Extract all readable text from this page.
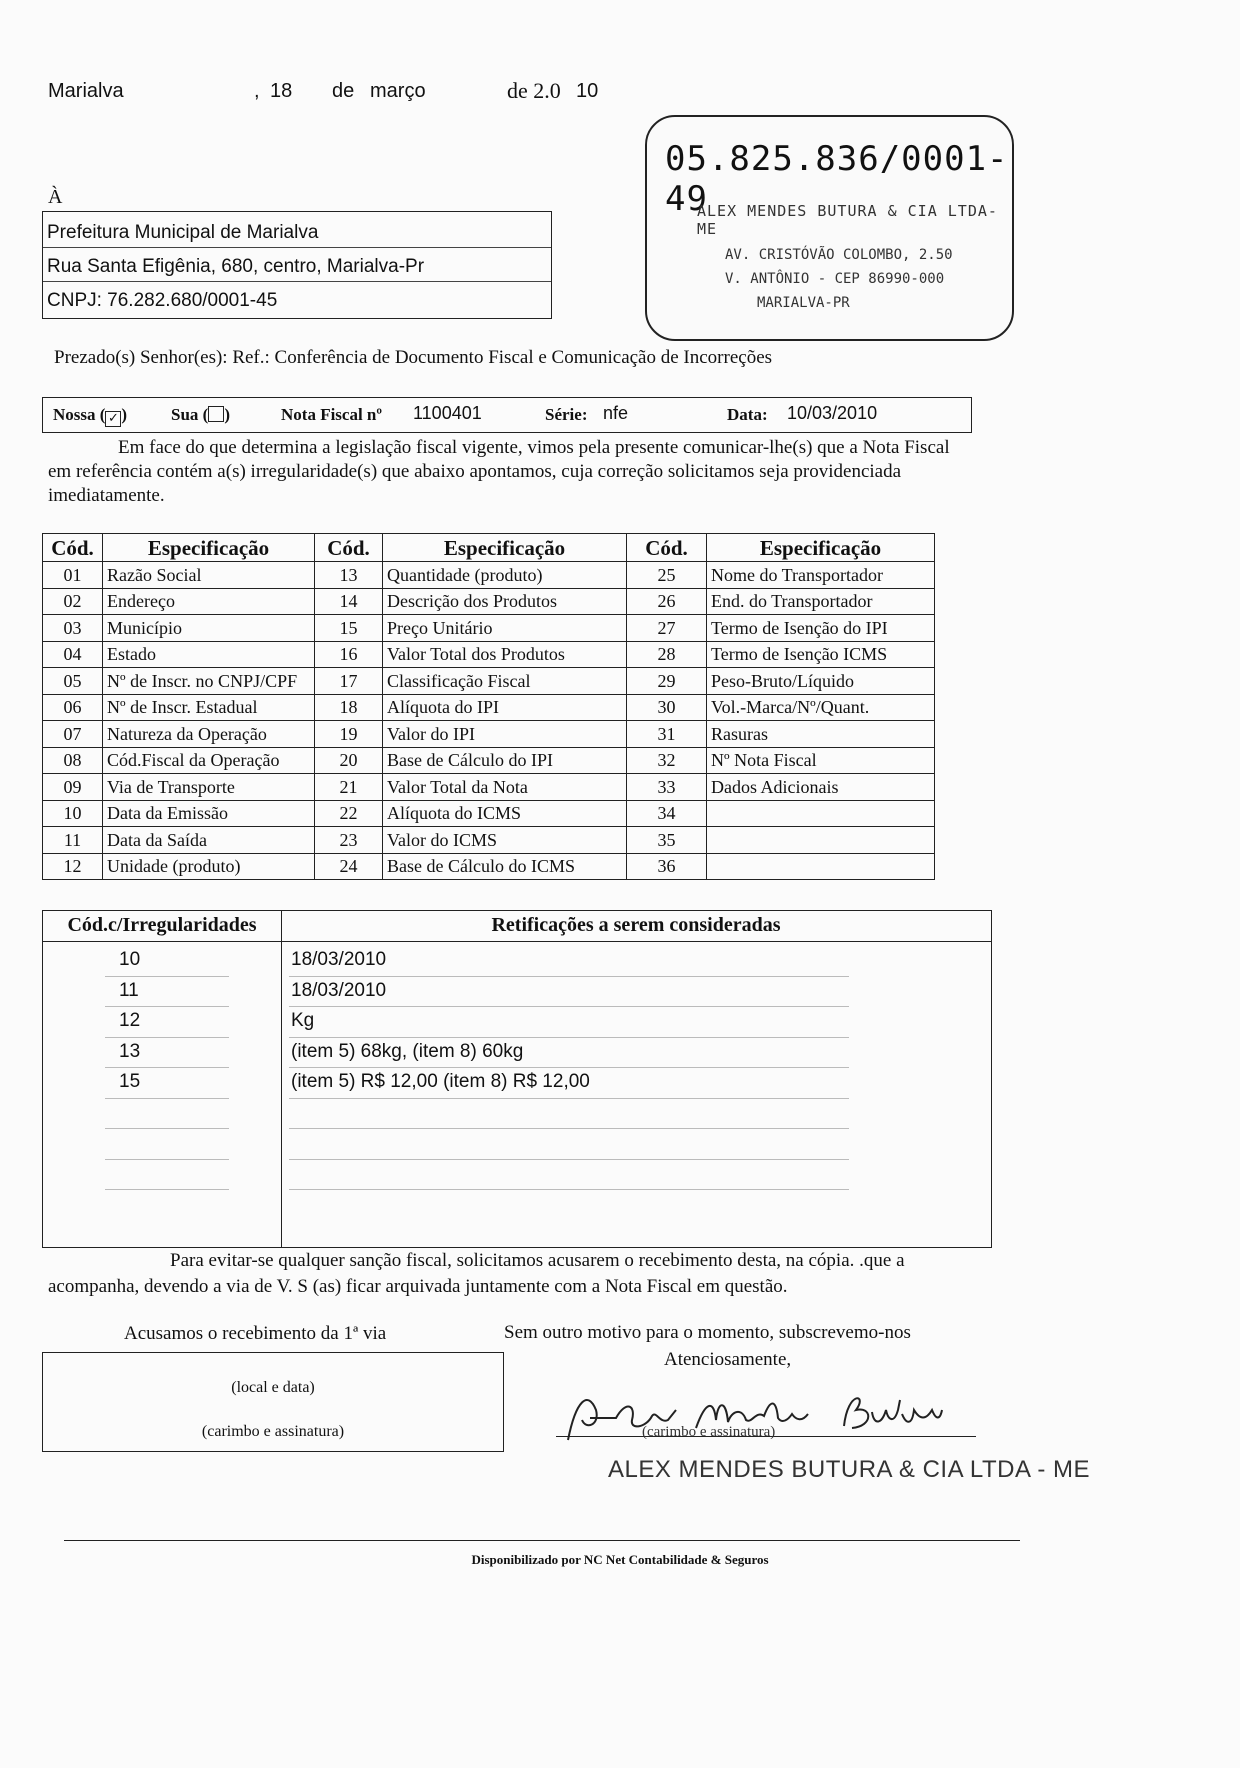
Marialva	, 18 de março	de 2.0 10
À
Prefeitura Municipal de Marialva
Rua Santa Efigênia, 680, centro, Marialva-Pr
CNPJ: 76.282.680/0001-45
05.825.836/0001-49
ALEX MENDES BUTURA & CIA LTDA-ME
AV. CRISTÓVÃO COLOMBO, 2.50
V. ANTÔNIO - CEP 86990-000
MARIALVA-PR
Prezado(s) Senhor(es): Ref.: Conferência de Documento Fiscal e Comunicação de Incorreções
Nossa ( ✓ )	Sua ( )	Nota Fiscal nº 1100401	Série: nfe	Data: 10/03/2010
Em face do que determina a legislação fiscal vigente, vimos pela presente comunicar-lhe(s) que a Nota Fiscal em referência contém a(s) irregularidade(s) que abaixo apontamos, cuja correção solicitamos seja providenciada imediatamente.
Cód.	Especificação	Cód.	Especificação	Cód.	Especificação
01	Razão Social	13	Quantidade (produto)	25	Nome do Transportador
02	Endereço	14	Descrição dos Produtos	26	End. do Transportador
03	Município	15	Preço Unitário	27	Termo de Isenção do IPI
04	Estado	16	Valor Total dos Produtos	28	Termo de Isenção ICMS
05	Nº de Inscr. no CNPJ/CPF	17	Classificação Fiscal	29	Peso-Bruto/Líquido
06	Nº de Inscr. Estadual	18	Alíquota do IPI	30	Vol.-Marca/Nº/Quant.
07	Natureza da Operação	19	Valor do IPI	31	Rasuras
08	Cód.Fiscal da Operação	20	Base de Cálculo do IPI	32	Nº Nota Fiscal
09	Via de Transporte	21	Valor Total da Nota	33	Dados Adicionais
10	Data da Emissão	22	Alíquota do ICMS	34	
11	Data da Saída	23	Valor do ICMS	35	
12	Unidade (produto)	24	Base de Cálculo do ICMS	36	
Cód.c/Irregularidades	Retificações a serem consideradas
10	18/03/2010
11	18/03/2010
12	Kg
13	(item 5) 68kg, (item 8) 60kg
15	(item 5) R$ 12,00 (item 8) R$ 12,00
Para evitar-se qualquer sanção fiscal, solicitamos acusarem o recebimento desta, na cópia. .que a acompanha, devendo a via de V. S (as) ficar arquivada juntamente com a Nota Fiscal em questão.
Acusamos o recebimento da 1ª via
(local e data)
(carimbo e assinatura)
Sem outro motivo para o momento, subscrevemo-nos
Atenciosamente,
(carimbo e assinatura)
ALEX MENDES BUTURA & CIA LTDA - ME
Disponibilizado por NC Net Contabilidade & Seguros
